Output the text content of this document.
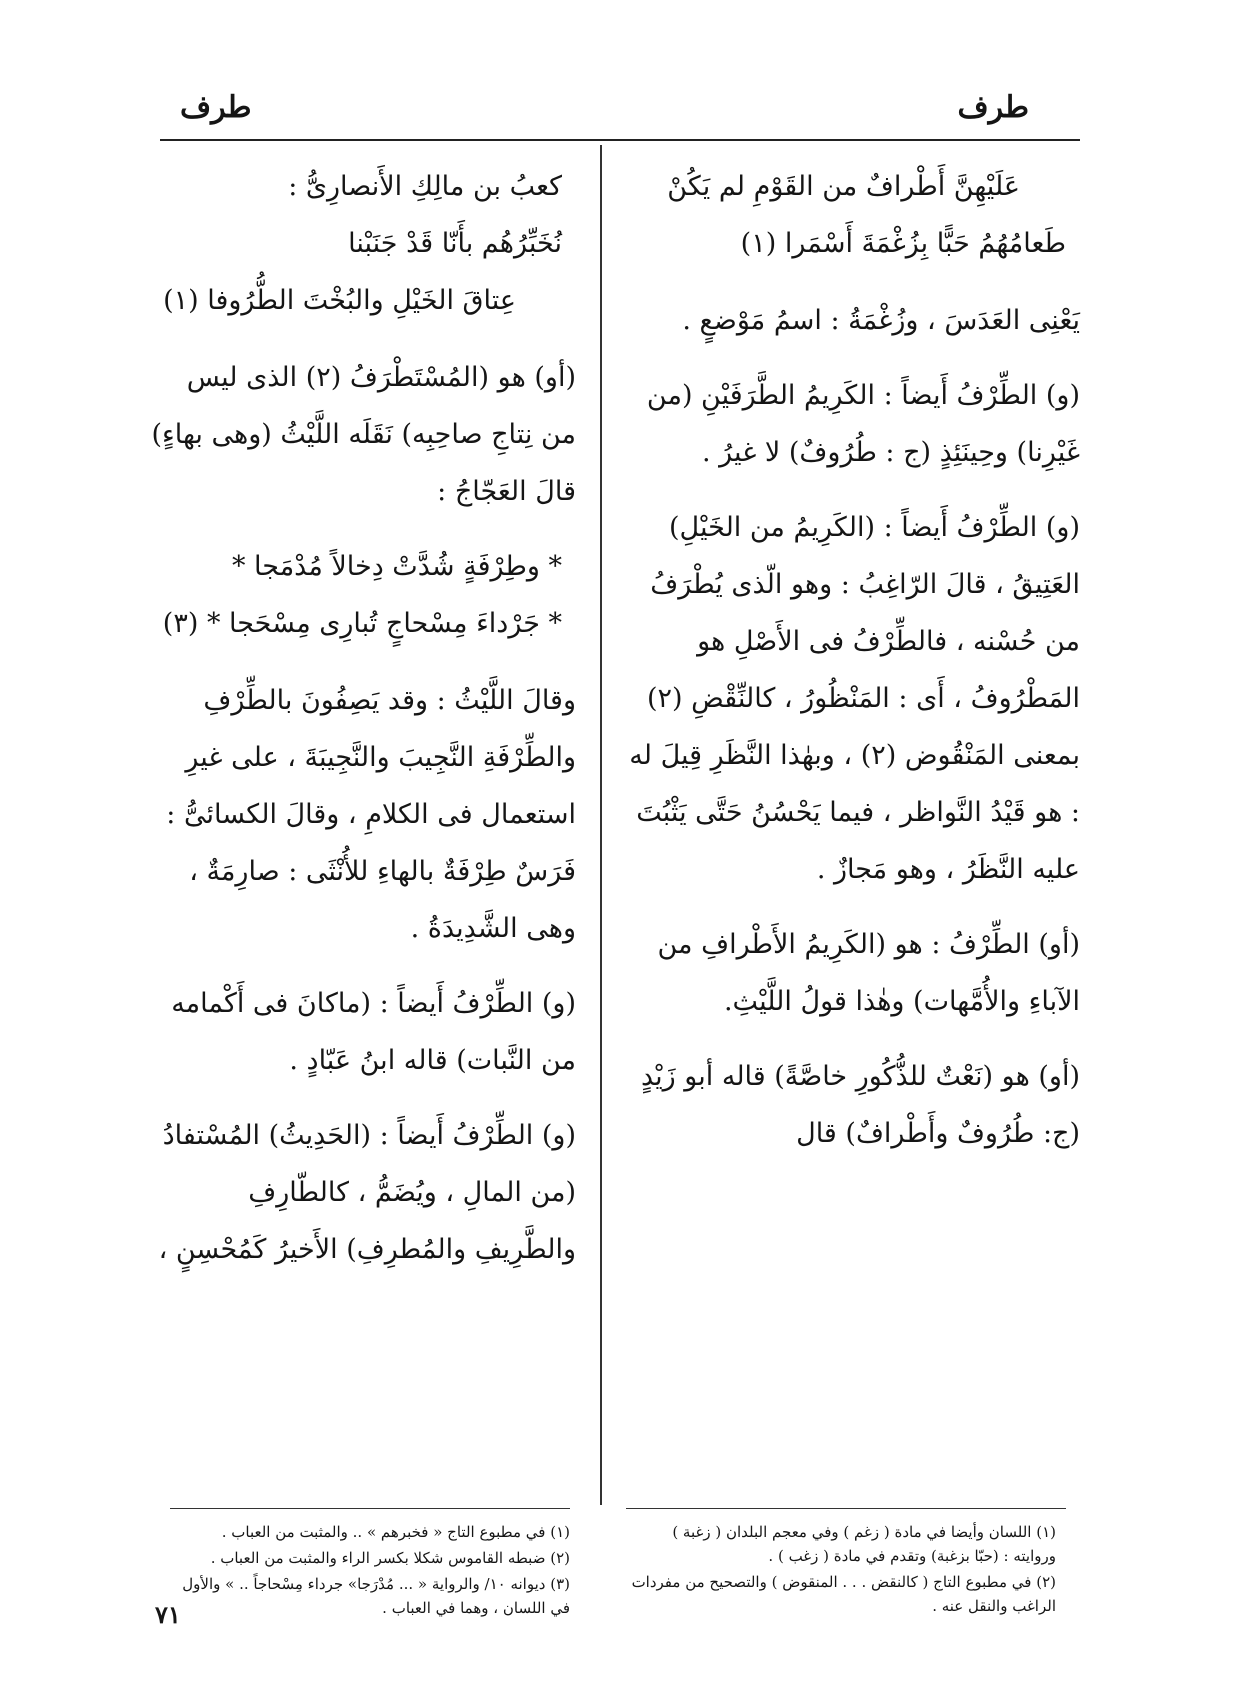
طرف
طرف

عَلَيْهِنَّ أَطْرافٌ من القَوْمِ لم يَكُنْ

طَعامُهُمُ حَبًّا بِزُغْمَةَ أَسْمَرا (١)

يَعْنِى العَدَسَ ، وزُغْمَةُ : اسمُ مَوْضعٍ .

(و) الطِّرْفُ أَيضاً : الكَرِيمُ الطَّرَفَيْنِ (من غَيْرِنا) وحِينَئِذٍ (ج : طُرُوفٌ) لا غيرُ .

(و) الطِّرْفُ أَيضاً : (الكَرِيمُ من الخَيْلِ) العَتِيقُ ، قالَ الرّاغِبُ : وهو الّذى يُطْرَفُ من حُسْنه ، فالطِّرْفُ فى الأَصْلِ هو المَطْرُوفُ ، أَى : المَنْظُورُ ، كالنِّقْضِ (٢) بمعنى المَنْقُوض (٢) ، وبهٰذا النَّظَرِ قِيلَ له : هو قَيْدُ النَّواظر ، فيما يَحْسُنُ حَتَّى يَثْبُتَ عليه النَّظَرُ ، وهو مَجازٌ .

(أو) الطِّرْفُ : هو (الكَرِيمُ الأَطْرافِ من الآباءِ والأُمَّهات) وهٰذا قولُ اللَّيْثِ.

(أو) هو (نَعْتٌ للذُّكُورِ خاصَّةً) قاله أبو زَيْدٍ (ج: طُرُوفٌ وأَطْرافٌ) قال

كعبُ بن مالِكِ الأَنصارِىُّ :

نُخَبِّرُهُم بأَنّا قَدْ جَنَبْنا

عِتاقَ الخَيْلِ والبُخْتَ الطُّرُوفا (١)

(أو) هو (المُسْتَطْرَفُ (٢) الذى ليس من نِتاجِ صاحِبِه) نَقَلَه اللَّيْثُ (وهى بهاءٍ) قالَ العَجّاجُ :

* وطِرْفَةٍ شُدَّتْ دِخالاً مُدْمَجا *

* جَرْداءَ مِسْحاجٍ تُبارِى مِسْحَجا * (٣)

وقالَ اللَّيْثُ : وقد يَصِفُونَ بالطِّرْفِ والطِّرْفَةِ النَّجِيبَ والنَّجِيبَةَ ، على غيرِ استعمال فى الكلامِ ، وقالَ الكسائىُّ : فَرَسٌ طِرْفَةٌ بالهاءِ للأُنْثَى : صارِمَةٌ ، وهى الشَّدِيدَةُ .

(و) الطِّرْفُ أَيضاً : (ماكانَ فى أَكْمامه من النَّبات) قاله ابنُ عَبّادٍ .

(و) الطِّرْفُ أَيضاً : (الحَدِيثُ) المُسْتفادُ (من المالِ ، ويُضَمُّ ، كالطّارِفِ والطَّرِيفِ والمُطرِفِ) الأَخيرُ كَمُحْسِنٍ ،

(١) اللسان وأيضا في مادة ( زغم ) وفي معجم البلدان ( زغبة ) وروايته : (حبّا بزغبة) وتقدم في مادة ( زغب ) .

(٢) في مطبوع التاج ( كالنقض . . . المنقوض ) والتصحيح من مفردات الراغب والنقل عنه .

(١) في مطبوع التاج « فخبرهم » .. والمثبت من العباب .

(٢) ضبطه القاموس شكلا بكسر الراء والمثبت من العباب .

(٣) ديوانه ١٠/ والرواية « ... مُدْرَجا» جرداء مِسْحاجاً .. » والأول في اللسان ، وهما في العباب .

٧١
